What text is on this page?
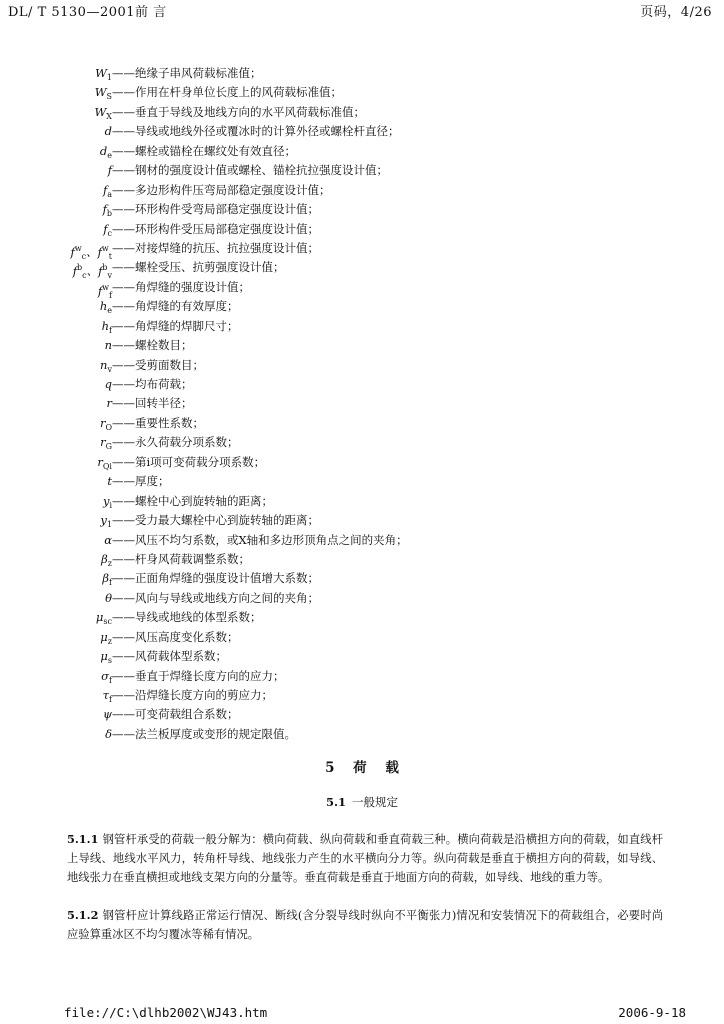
DL/ T 5130—2001前 言	页码，4/26
$W_1$ ——绝缘子串风荷载标准值；
$W_S$ ——作用在杆身单位长度上的风荷载标准值；
$W_X$ ——垂直于导线及地线方向的水平风荷载标准值；
d ——导线或地线外径或覆冰时的计算外径或螺栓杆直径；
$d_e$ ——螺栓或锚栓在螺纹处有效直径；
f ——钢材的强度设计值或螺栓、锚栓抗拉强度设计值；
$f_a$ ——多边形构件压弯局部稳定强度设计值；
$f_b$ ——环形构件受弯局部稳定强度设计值；
$f_c$ ——环形构件受压局部稳定强度设计值；
$f^w_c$、$f^w_t$
——对接焊缝的抗压、抗拉强度设计值；
$f^b_c$、$f^b_v$
——螺栓受压、抗剪强度设计值；
$f^w_f$
——角焊缝的强度设计值；
$h_e$ ——角焊缝的有效厚度；
$h_f$ ——角焊缝的焊脚尺寸；
n ——螺栓数目；
$n_v$ ——受剪面数目；
q ——均布荷载；
r ——回转半径；
$r_O$ ——重要性系数；
$r_G$ ——永久荷载分项系数；
$r_{Qi}$ ——第i项可变荷载分项系数；
t ——厚度；
$y_i$ ——螺栓中心到旋转轴的距离；
$y_1$ ——受力最大螺栓中心到旋转轴的距离；
α ——风压不均匀系数，或X轴和多边形顶角点之间的夹角；
$\beta_z$ ——杆身风荷载调整系数；
$\beta_f$ ——正面角焊缝的强度设计值增大系数；
θ ——风向与导线或地线方向之间的夹角；
$\mu_{sc}$ ——导线或地线的体型系数；
$\mu_z$ ——风压高度变化系数；
$\mu_s$ ——风荷载体型系数；
$\sigma_f$ ——垂直于焊缝长度方向的应力；
$\tau_f$ ——沿焊缝长度方向的剪应力；
ψ ——可变荷载组合系数；
δ ——法兰板厚度或变形的规定限值。
5 荷 载
5.1 一般规定
5.1.1 钢管杆承受的荷载一般分解为：横向荷载、纵向荷载和垂直荷载三种。横向荷载是沿横担方向的荷载，如直线杆上导线、地线水平风力，转角杆导线、地线张力产生的水平横向分力等。纵向荷载是垂直于横担方向的荷载，如导线、地线张力在垂直横担或地线支架方向的分量等。垂直荷载是垂直于地面方向的荷载，如导线、地线的重力等。
5.1.2 钢管杆应计算线路正常运行情况、断线(含分裂导线时纵向不平衡张力)情况和安装情况下的荷载组合，必要时尚应验算重冰区不均匀覆冰等稀有情况。
file://C:\dlhb2002\WJ43.htm	2006-9-18
